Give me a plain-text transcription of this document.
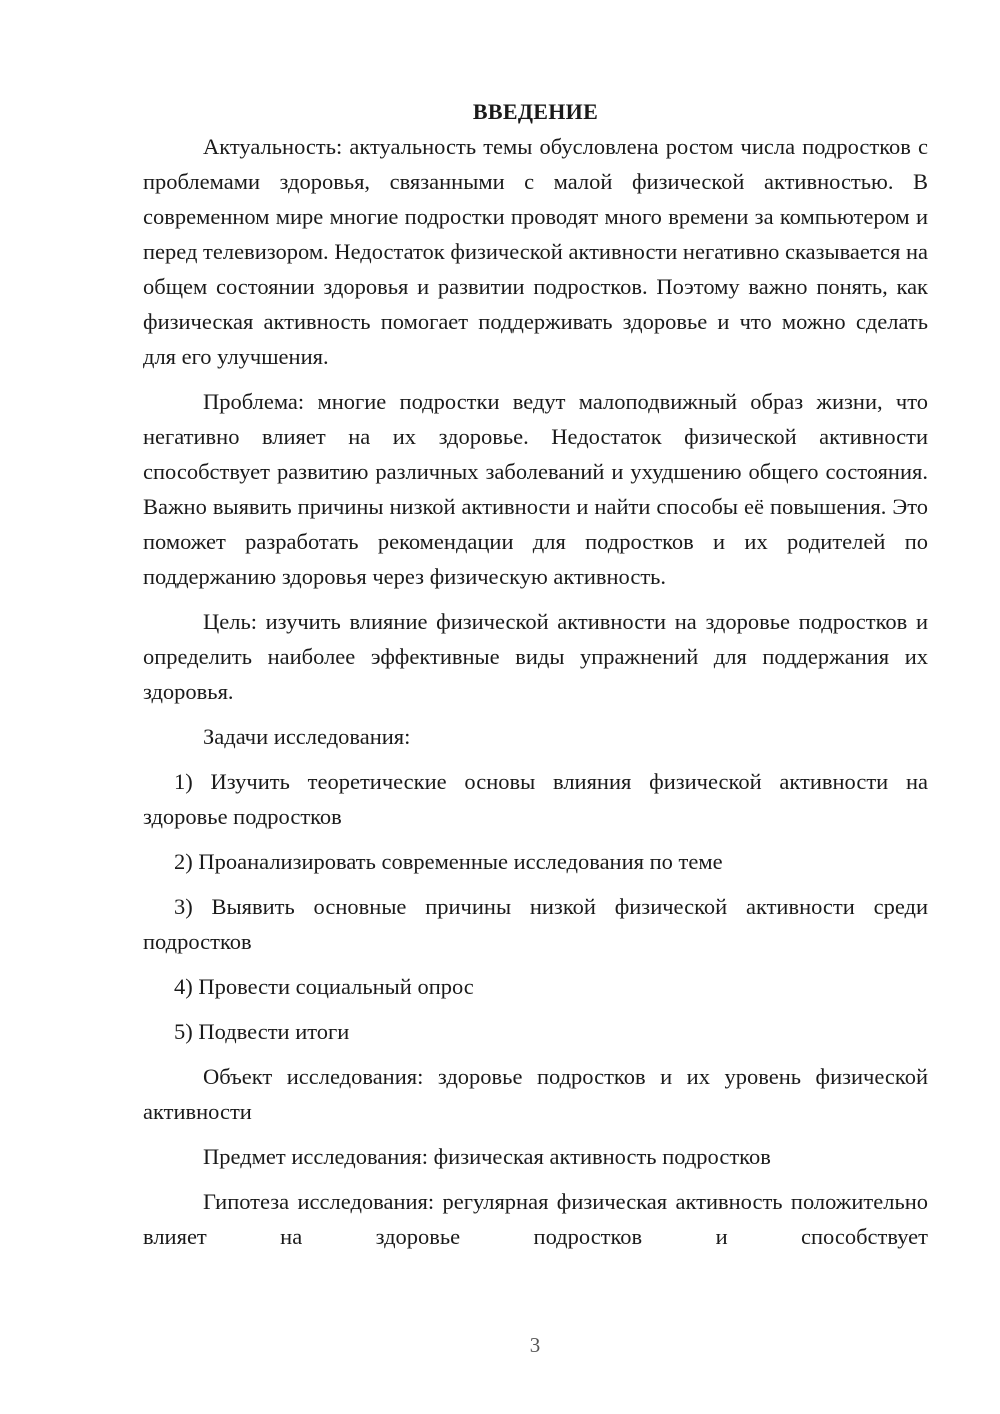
ВВЕДЕНИЕ

Актуальность: актуальность темы обусловлена ростом числа подростков с проблемами здоровья, связанными с малой физической активностью. В современном мире многие подростки проводят много времени за компьютером и перед телевизором. Недостаток физической активности негативно сказывается на общем состоянии здоровья и развитии подростков. Поэтому важно понять, как физическая активность помогает поддерживать здоровье и что можно сделать для его улучшения.

Проблема: многие подростки ведут малоподвижный образ жизни, что негативно влияет на их здоровье. Недостаток физической активности способствует развитию различных заболеваний и ухудшению общего состояния. Важно выявить причины низкой активности и найти способы её повышения. Это поможет разработать рекомендации для подростков и их родителей по поддержанию здоровья через физическую активность.

Цель: изучить влияние физической активности на здоровье подростков и определить наиболее эффективные виды упражнений для поддержания их здоровья.

Задачи исследования:

1) Изучить теоретические основы влияния физической активности на здоровье подростков

2) Проанализировать современные исследования по теме

3) Выявить основные причины низкой физической активности среди подростков

4) Провести социальный опрос

5) Подвести итоги

Объект исследования: здоровье подростков и их уровень физической активности

Предмет исследования: физическая активность подростков

Гипотеза исследования: регулярная физическая активность положительно влияет на здоровье подростков и способствует

3
